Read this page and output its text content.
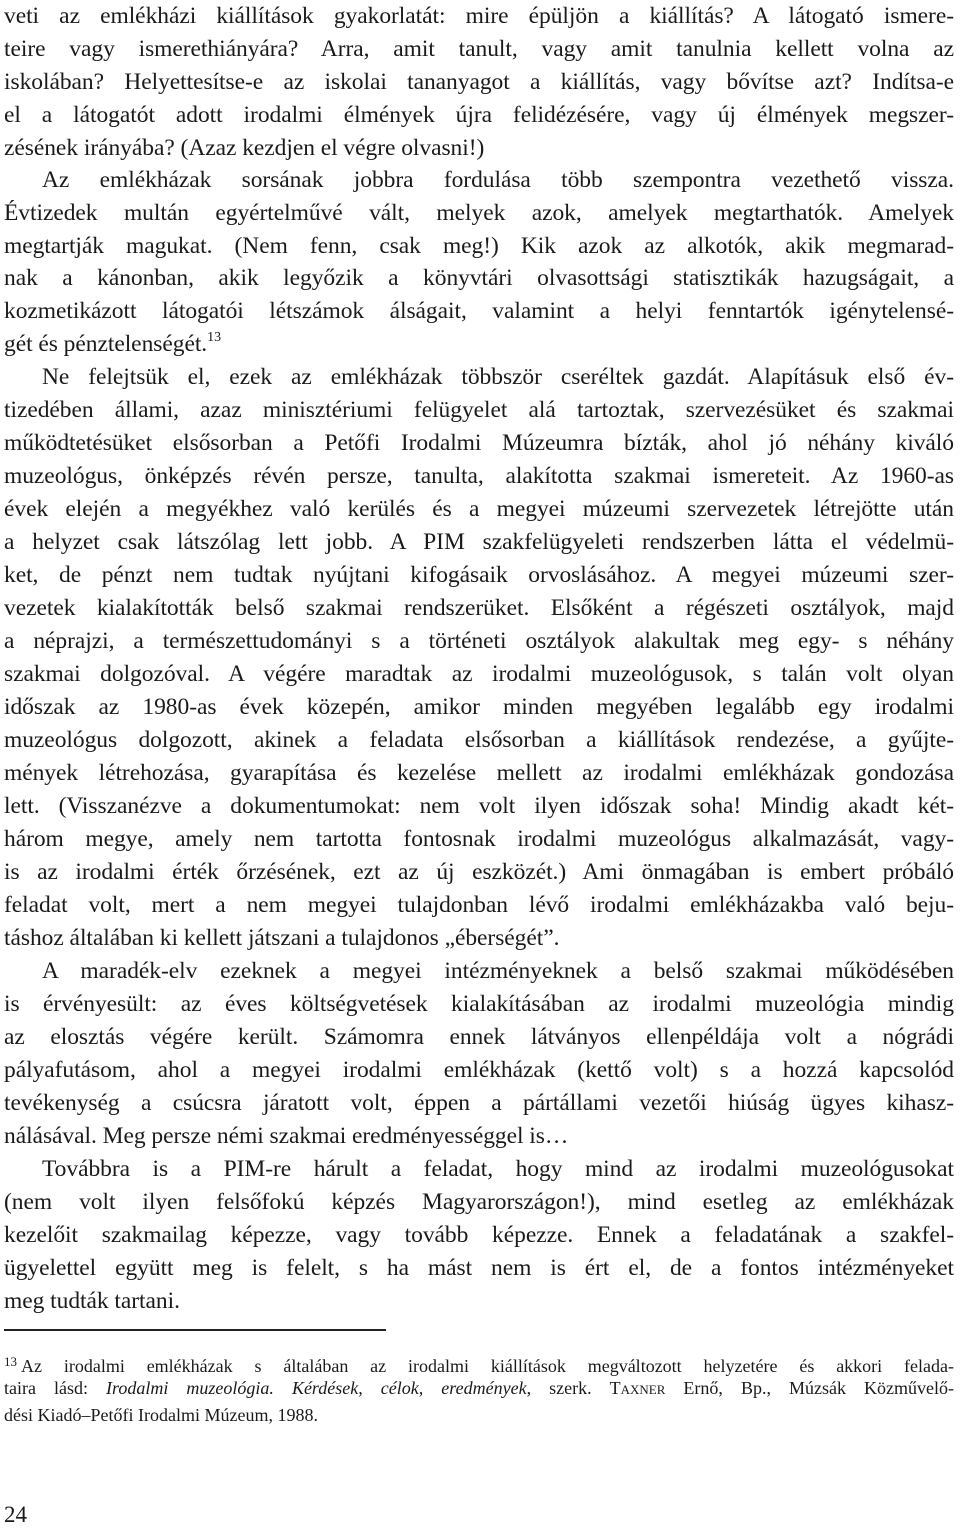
veti az emlékházi kiállítások gyakorlatát: mire épüljön a kiállítás? A látogató ismere-
teire vagy ismerethiányára? Arra, amit tanult, vagy amit tanulnia kellett volna az
iskolában? Helyettesítse-e az iskolai tananyagot a kiállítás, vagy bővítse azt? Indítsa-e
el a látogatót adott irodalmi élmények újra felidézésére, vagy új élmények megszer-
zésének irányába? (Azaz kezdjen el végre olvasni!)
Az emlékházak sorsának jobbra fordulása több szempontra vezethető vissza.
Évtizedek multán egyértelművé vált, melyek azok, amelyek megtarthatók. Amelyek
megtartják magukat. (Nem fenn, csak meg!) Kik azok az alkotók, akik megmarad-
nak a kánonban, akik legyőzik a könyvtári olvasottsági statisztikák hazugságait, a
kozmetikázott látogatói létszámok álságait, valamint a helyi fenntartók igénytelensé-
gét és pénztelenségét.$^{13}$
Ne felejtsük el, ezek az emlékházak többször cseréltek gazdát. Alapításuk első év-
tizedében állami, azaz minisztériumi felügyelet alá tartoztak, szervezésüket és szakmai
működtetésüket elsősorban a Petőfi Irodalmi Múzeumra bízták, ahol jó néhány kiváló
muzeológus, önképzés révén persze, tanulta, alakította szakmai ismereteit. Az 1960-as
évek elején a megyékhez való kerülés és a megyei múzeumi szervezetek létrejötte után
a helyzet csak látszólag lett jobb. A PIM szakfelügyeleti rendszerben látta el védelmü-
ket, de pénzt nem tudtak nyújtani kifogásaik orvoslásához. A megyei múzeumi szer-
vezetek kialakították belső szakmai rendszerüket. Elsőként a régészeti osztályok, majd
a néprajzi, a természettudományi s a történeti osztályok alakultak meg egy- s néhány
szakmai dolgozóval. A végére maradtak az irodalmi muzeológusok, s talán volt olyan
időszak az 1980-as évek közepén, amikor minden megyében legalább egy irodalmi
muzeológus dolgozott, akinek a feladata elsősorban a kiállítások rendezése, a gyűjte-
mények létrehozása, gyarapítása és kezelése mellett az irodalmi emlékházak gondozása
lett. (Visszanézve a dokumentumokat: nem volt ilyen időszak soha! Mindig akadt két-
három megye, amely nem tartotta fontosnak irodalmi muzeológus alkalmazását, vagy-
is az irodalmi érték őrzésének, ezt az új eszközét.) Ami önmagában is embert próbáló
feladat volt, mert a nem megyei tulajdonban lévő irodalmi emlékházakba való beju-
táshoz általában ki kellett játszani a tulajdonos „éberségét”.
A maradék-elv ezeknek a megyei intézményeknek a belső szakmai működésében
is érvényesült: az éves költségvetések kialakításában az irodalmi muzeológia mindig
az elosztás végére került. Számomra ennek látványos ellenpéldája volt a nógrádi
pályafutásom, ahol a megyei irodalmi emlékházak (kettő volt) s a hozzá kapcsolód
tevékenység a csúcsra járatott volt, éppen a pártállami vezetői hiúság ügyes kihasz-
nálásával. Meg persze némi szakmai eredményességgel is…
Továbbra is a PIM-re hárult a feladat, hogy mind az irodalmi muzeológusokat
(nem volt ilyen felsőfokú képzés Magyarországon!), mind esetleg az emlékházak
kezelőit szakmailag képezze, vagy tovább képezze. Ennek a feladatának a szakfel-
ügyelettel együtt meg is felelt, s ha mást nem is ért el, de a fontos intézményeket
meg tudták tartani.
$^{13}$ Az irodalmi emlékházak s általában az irodalmi kiállítások megváltozott helyzetére és akkori felada-
taira lásd: Irodalmi muzeológia. Kérdések, célok, eredmények, szerk. Taxner Ernő, Bp., Múzsák Közművelő-
dési Kiadó–Petőfi Irodalmi Múzeum, 1988.
24
